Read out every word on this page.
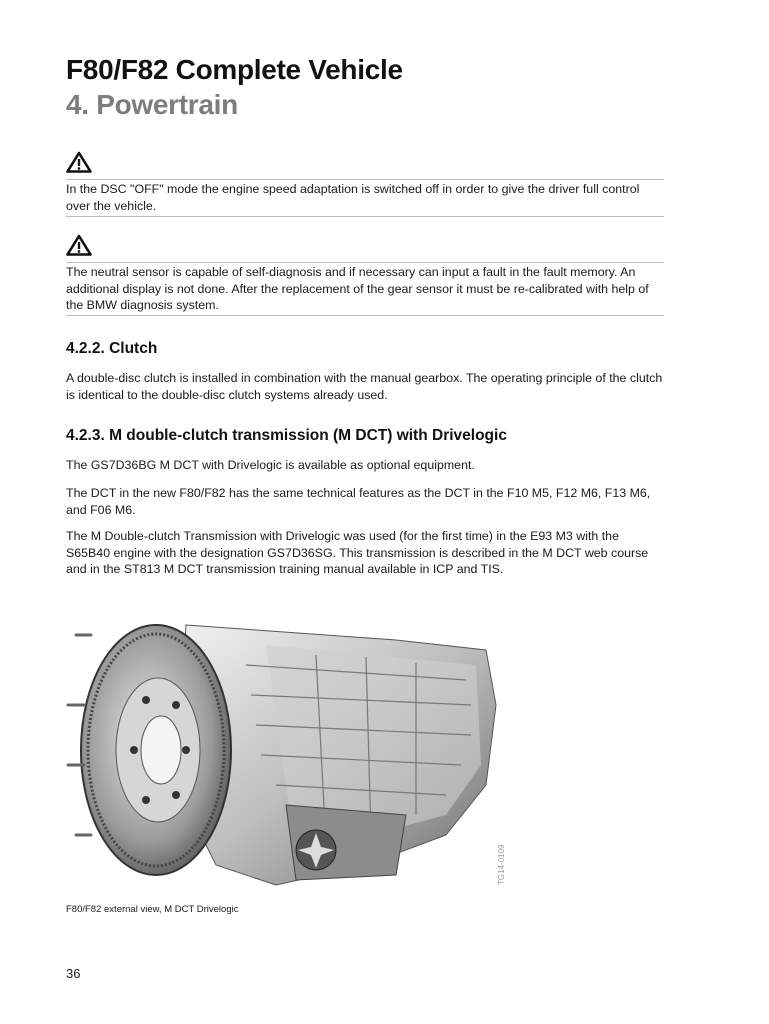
F80/F82 Complete Vehicle
4. Powertrain

In the DSC "OFF" mode the engine speed adaptation is switched off in order to give the driver full control over the vehicle.

The neutral sensor is capable of self-diagnosis and if necessary can input a fault in the fault memory. An additional display is not done. After the replacement of the gear sensor it must be re-calibrated with help of the BMW diagnosis system.

4.2.2. Clutch

A double-disc clutch is installed in combination with the manual gearbox. The operating principle of the clutch is identical to the double-disc clutch systems already used.

4.2.3. M double-clutch transmission (M DCT) with Drivelogic

The GS7D36BG M DCT with Drivelogic is available as optional equipment.

The DCT in the new F80/F82 has the same technical features as the DCT in the F10 M5, F12 M6, F13 M6, and F06 M6.

The M Double-clutch Transmission with Drivelogic was used (for the first time) in the E93 M3 with the S65B40 engine with the designation GS7D36SG. This transmission is described in the M DCT web course and in the ST813 M DCT transmission training manual available in ICP and TIS.

TG14-0109
F80/F82 external view, M DCT Drivelogic
36
